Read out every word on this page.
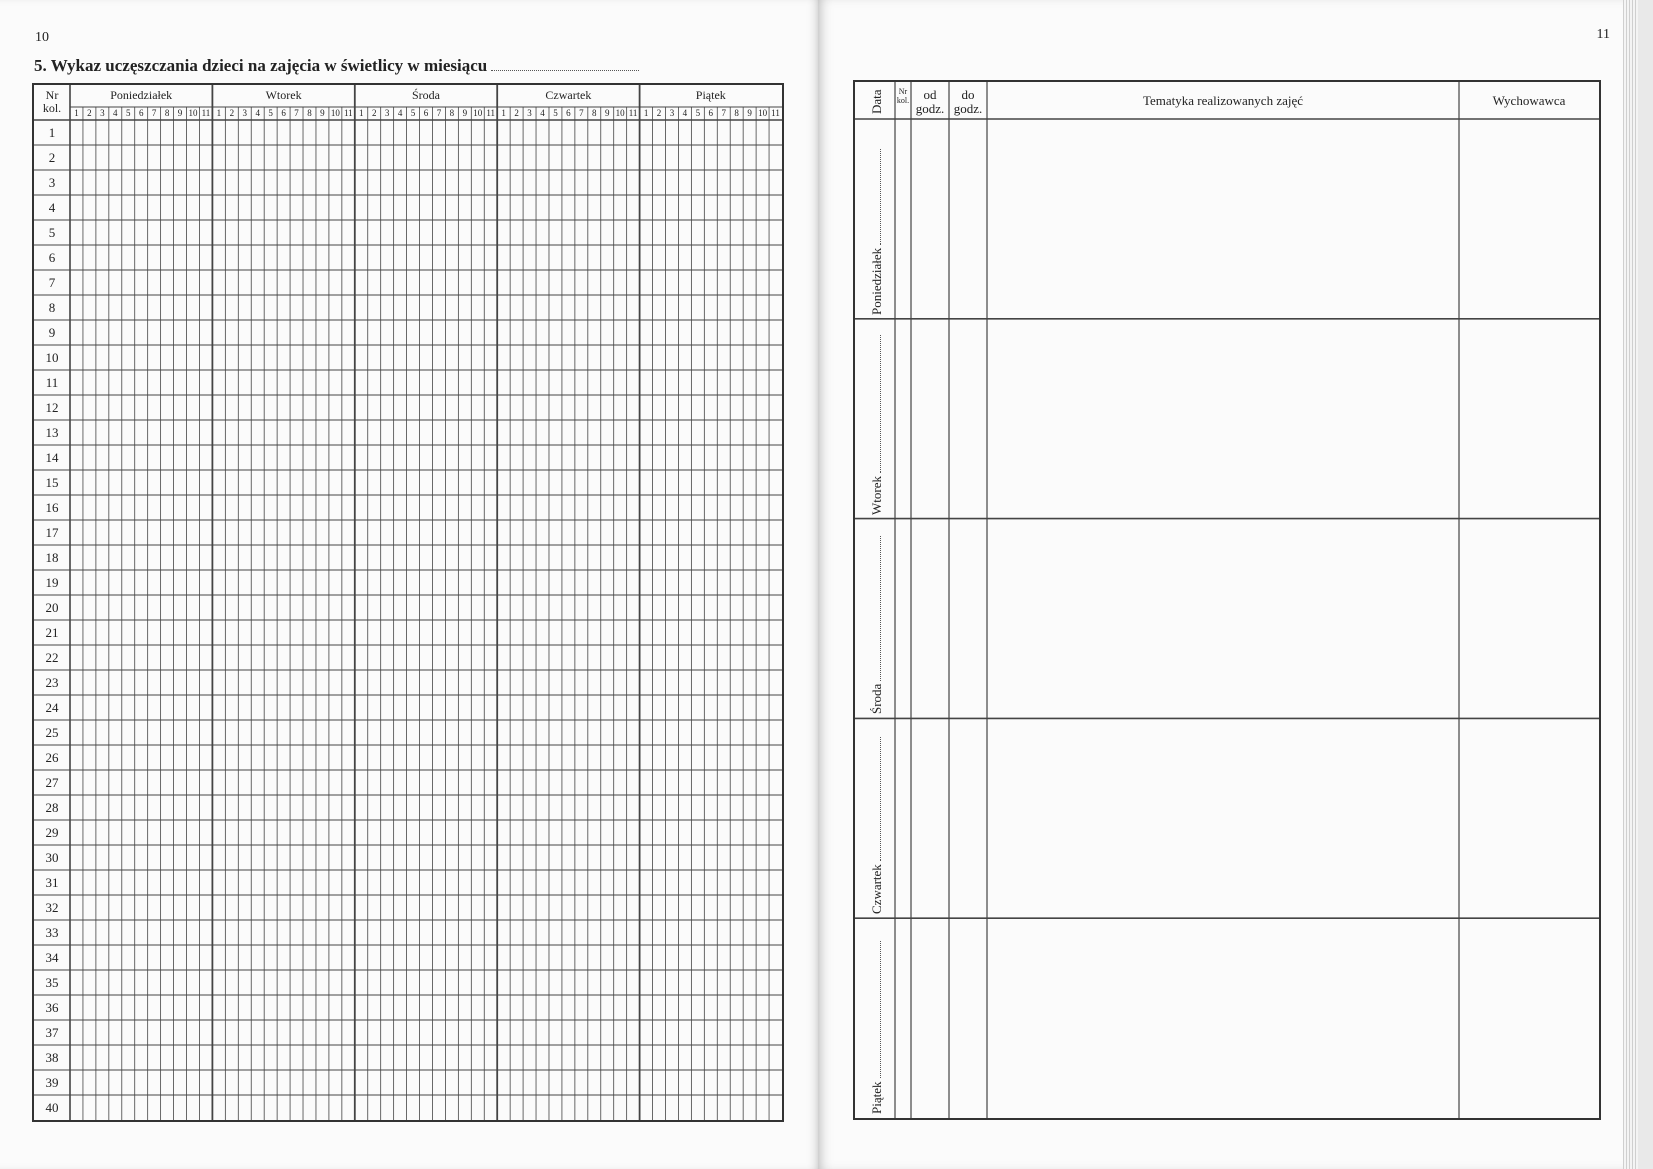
10
5. Wykaz uczęszczania dzieci na zajęcia w świetlicy w miesiącu
Nr
kol.
Poniedziałek
1 2 3 4 5 6 7 8 9 10 11
Wtorek
1 2 3 4 5 6 7 8 9 10 11
Środa
1 2 3 4 5 6 7 8 9 10 11
Czwartek
1 2 3 4 5 6 7 8 9 10 11
Piątek
1 2 3 4 5 6 7 8 9 10 11
1
2
3
4
5
6
7
8
9
10
11
12
13
14
15
16
17
18
19
20
21
22
23
24
25
26
27
28
29
30
31
32
33
34
35
36
37
38
39
40
11
Nr
kol.	od
godz.
do
godz.
Tematyka realizowanych zajęć	Wychowawca
Data
Poniedziałek
Wtorek
Środa
Czwartek
Piątek
